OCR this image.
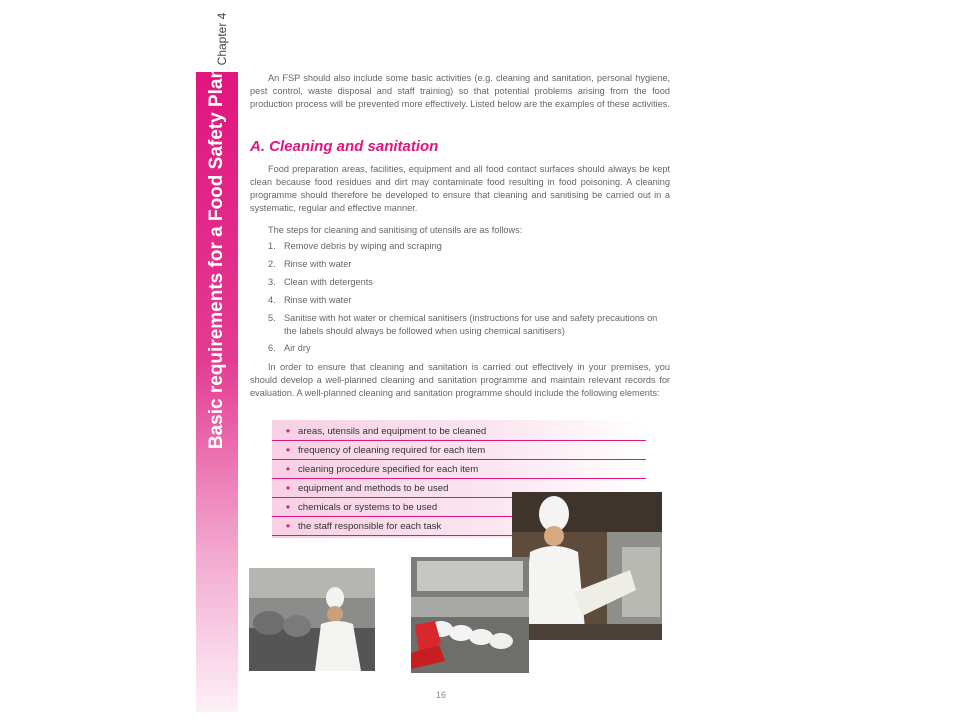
Chapter 4
Basic requirements for a Food Safety Plan	An FSP should also include some basic activities (e.g. cleaning and sanitation, personal hygiene, pest control, waste disposal and staff training) so that potential problems arising from the food production process will be prevented more effectively. Listed below are the examples of these activities.

A. Cleaning and sanitation

Food preparation areas, facilities, equipment and all food contact surfaces should always be kept clean because food residues and dirt may contaminate food resulting in food poisoning. A cleaning programme should therefore be developed to ensure that cleaning and sanitising be carried out in a systematic, regular and effective manner.

The steps for cleaning and sanitising of utensils are as follows:

1. Remove debris by wiping and scraping
2. Rinse with water
3. Clean with detergents
4. Rinse with water
5. Sanitise with hot water or chemical sanitisers (instructions for use and safety precautions on the labels should always be followed when using chemical sanitisers)
6. Air dry

In order to ensure that cleaning and sanitation is carried out effectively in your premises, you should develop a well-planned cleaning and sanitation programme and maintain relevant records for evaluation. A well-planned cleaning and sanitation programme should include the following elements:

• areas, utensils and equipment to be cleaned
• frequency of cleaning required for each item
• cleaning procedure specified for each item
• equipment and methods to be used
• chemicals or systems to be used
• the staff responsible for each task
16
